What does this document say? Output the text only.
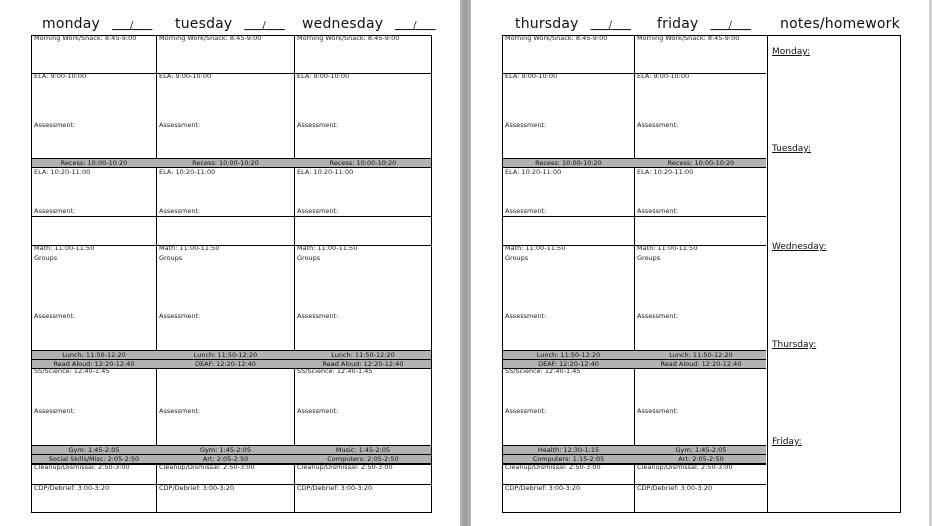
monday ___/___ tuesday ___/___ wednesday ___/___
Morning Work/Snack: 8:45-9:00
ELA: 9:00-10:00
Assessment:
Recess: 10:00-10:20
ELA: 10:20-11:00
Assessment:
Math: 11:00-11:50
Groups
Assessment:
Lunch: 11:50-12:20
Read Aloud: 12:20-12:40
SS/Science: 12:40-1:45
Assessment:
Gym: 1:45-2:05
Social Skills/Misc: 2:05-2:50
Cleanup/Dismissal: 2:50-3:00
CDP/Debrief: 3:00-3:20
Morning Work/Snack: 8:45-9:00
ELA: 9:00-10:00
Assessment:
Recess: 10:00-10:20
ELA: 10:20-11:00
Assessment:
Math: 11:00-11:50
Groups
Assessment:
Lunch: 11:50-12:20
DEAF: 12:20-12:40
Assessment:
Gym: 1:45-2:05
Art: 2:05-2:50
Cleanup/Dismissal: 2:50-3:00
CDP/Debrief: 3:00-3:20
Morning Work/Snack: 8:45-9:00
ELA: 9:00-10:00
Assessment:
Recess: 10:00-10:20
ELA: 10:20-11:00
Assessment:
Math: 11:00-11:50
Groups
Assessment:
Lunch: 11:50-12:20
Read Aloud: 12:20-12:40
SS/Science: 12:40-1:45
Assessment:
Music: 1:45-2:05
Computers: 2:05-2:50
Cleanup/Dismissal: 2:50-3:00
CDP/Debrief: 3:00-3:20
thursday ___/___ friday ___/___ notes/homework
Morning Work/Snack: 8:45-9:00
ELA: 9:00-10:00
Assessment:
Recess: 10:00-10:20
ELA: 10:20-11:00
Assessment:
Math: 11:00-11:50
Groups
Assessment:
Lunch: 11:50-12:20
DEAF: 12:20-12:40
SS/Science: 12:40-1:45
Assessment:
Health: 12:30-1:15
Computers: 1:15-2:05
Cleanup/Dismissal: 2:50-3:00
CDP/Debrief: 3:00-3:20
Morning Work/Snack: 8:45-9:00
ELA: 9:00-10:00
Assessment:
Recess: 10:00-10:20
ELA: 10:20-11:00
Assessment:
Math: 11:00-11:50
Groups
Assessment:
Lunch: 11:50-12:20
Read Aloud: 12:20-12:40
Assessment:
Gym: 1:45-2:05
Art: 2:05-2:50
Cleanup/Dismissal: 2:50-3:00
CDP/Debrief: 3:00-3:20
Monday:
Tuesday:
Wednesday:
Thursday:
Friday:
